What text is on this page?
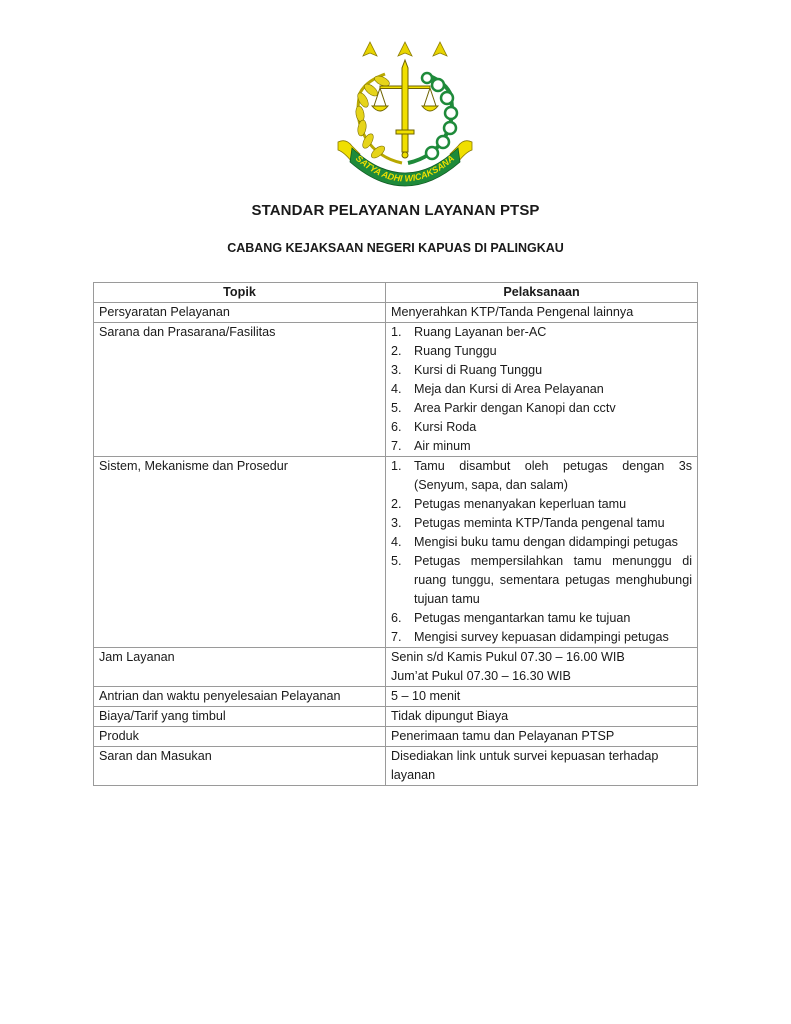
SATYA ADHI WICAKSANA
STANDAR PELAYANAN LAYANAN PTSP
CABANG KEJAKSAAN NEGERI KAPUAS DI PALINGKAU
Topik	Pelaksanaan
Persyaratan Pelayanan	Menyerahkan KTP/Tanda Pengenal lainnya
Sarana dan Prasarana/Fasilitas	1. Ruang Layanan ber-AC
2. Ruang Tunggu
3. Kursi di Ruang Tunggu
4. Meja dan Kursi di Area Pelayanan
5. Area Parkir dengan Kanopi dan cctv
6. Kursi Roda
7. Air minum

Sistem, Mekanisme dan Prosedur	1. Tamu disambut oleh petugas dengan 3s (Senyum, sapa, dan salam)
2. Petugas menanyakan keperluan tamu
3. Petugas meminta KTP/Tanda pengenal tamu
4. Mengisi buku tamu dengan didampingi petugas
5. Petugas mempersilahkan tamu menunggu di ruang tunggu, sementara petugas menghubungi tujuan tamu
6. Petugas mengantarkan tamu ke tujuan
7. Mengisi survey kepuasan didampingi petugas

Jam Layanan	Senin s/d Kamis Pukul 07.30 – 16.00 WIB
Jum’at Pukul 07.30 – 16.30 WIB

Antrian dan waktu penyelesaian Pelayanan	5 – 10 menit
Biaya/Tarif yang timbul	Tidak dipungut Biaya
Produk	Penerimaan tamu dan Pelayanan PTSP
Saran dan Masukan	Disediakan link untuk survei kepuasan terhadap layanan
